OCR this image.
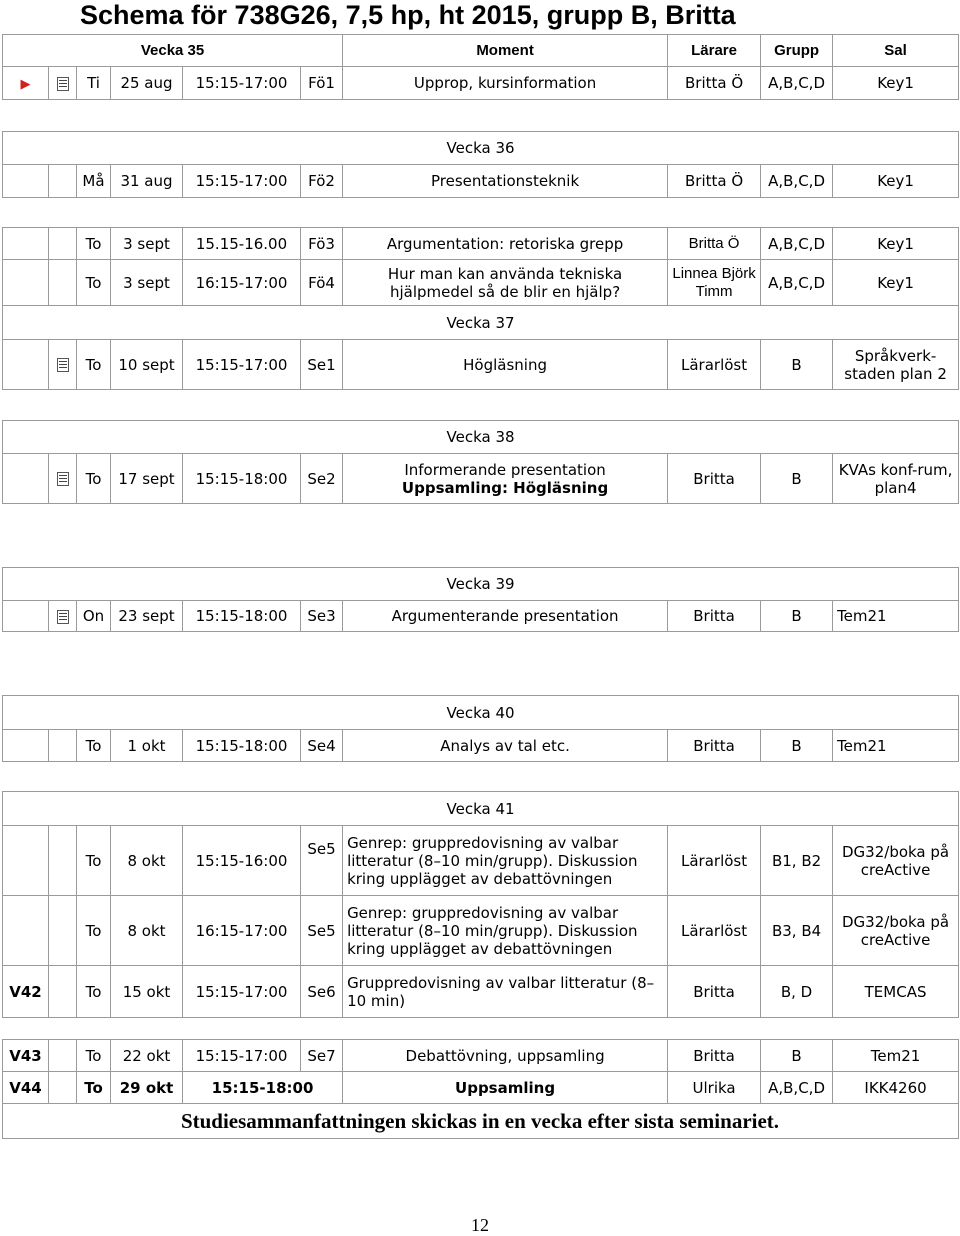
Schema för 738G26, 7,5 hp, ht 2015, grupp B, Britta
Vecka 35						Moment	Lärare	Grupp	Sal
▶		Ti	25 aug	15:15-17:00	Fö1	Upprop, kursinformation	Britta Ö	A,B,C,D	Key1

Vecka 36									
		Må	31 aug	15:15-17:00	Fö2	Presentationsteknik	Britta Ö	A,B,C,D	Key1

		To	3 sept	15.15-16.00	Fö3	Argumentation: retoriska grepp	Britta Ö	A,B,C,D	Key1
		To	3 sept	16:15-17:00	Fö4	Hur man kan använda tekniska hjälpmedel så de blir en hjälp?	Linnea Björk Timm	A,B,C,D	Key1
Vecka 37									
		To	10 sept	15:15-17:00	Se1	Högläsning	Lärarlöst	B	Språkverk-staden plan 2

Vecka 38									
		To	17 sept	15:15-18:00	Se2	Informerande presentation
Uppsamling: Högläsning	Britta	B	KVAs konf-rum, plan4

Vecka 39									
		On	23 sept	15:15-18:00	Se3	Argumenterande presentation	Britta	B	Tem21

Vecka 40									
		To	1 okt	15:15-18:00	Se4	Analys av tal etc.	Britta	B	Tem21

Vecka 41									
		To	8 okt	15:15-16:00	Se5	Genrep: gruppredovisning av valbar litteratur (8–10 min/grupp). Diskussion kring upplägget av debattövningen	Lärarlöst	B1, B2	DG32/boka på creActive
		To	8 okt	16:15-17:00	Se5	Genrep: gruppredovisning av valbar litteratur (8–10 min/grupp). Diskussion kring upplägget av debattövningen	Lärarlöst	B3, B4	DG32/boka på creActive
V42		To	15 okt	15:15-17:00	Se6	Gruppredovisning av valbar litteratur (8–10 min)	Britta	B, D	TEMCAS

V43		To	22 okt	15:15-17:00	Se7	Debattövning, uppsamling	Britta	B	Tem21
V44		To	29 okt	15:15-18:00		Uppsamling	Ulrika	A,B,C,D	IKK4260

Studiesammanfattningen skickas in en vecka efter sista seminariet.
12
